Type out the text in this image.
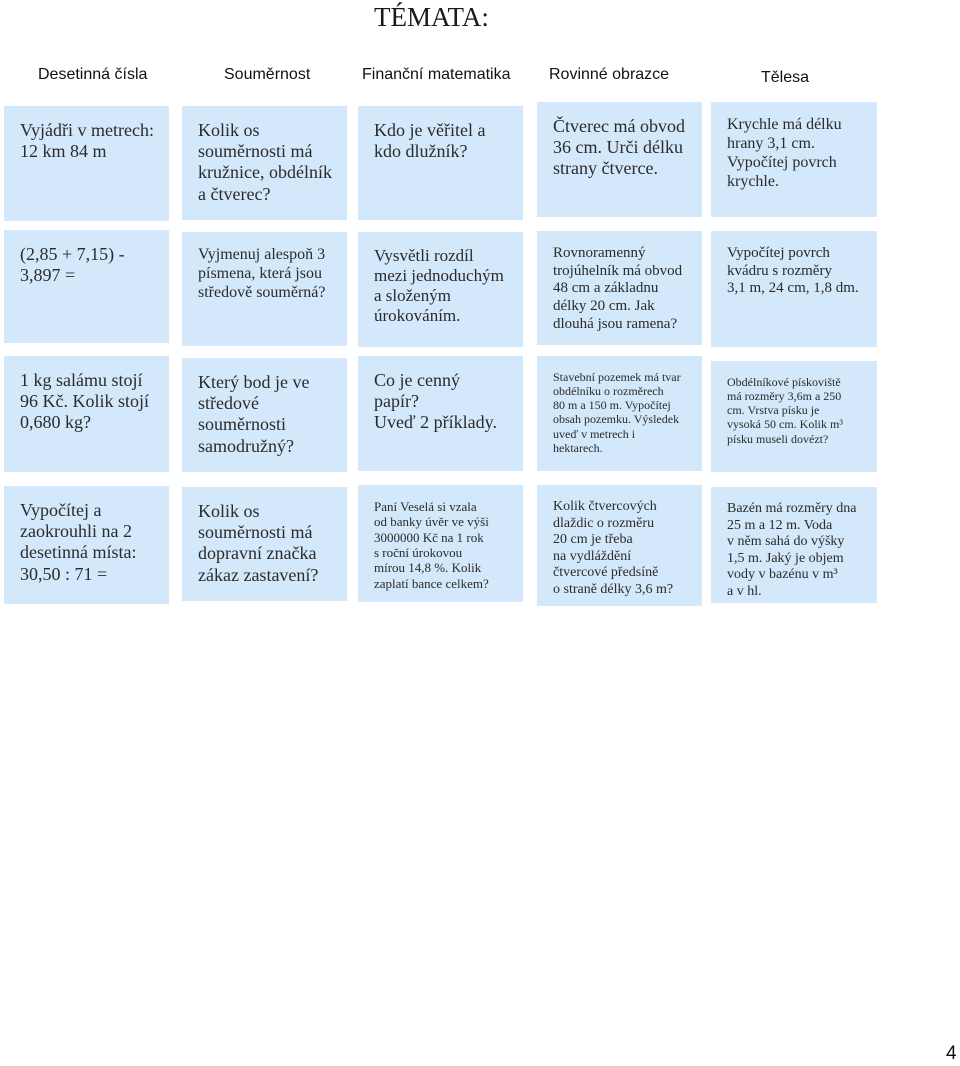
TÉMATA:
Desetinná čísla	Souměrnost	Finanční matematika Rovinné obrazce	Tělesa
Vyjádři v metrech:
12 km 84 m
Kolik os
souměrnosti má
kružnice, obdélník
a čtverec?
Kdo je věřitel a
kdo dlužník?
Čtverec má obvod
36 cm. Urči délku
strany čtverce.
Krychle má délku
hrany 3,1 cm.
Vypočítej povrch
krychle.
(2,85 + 7,15) -
3,897 =
Vyjmenuj alespoň 3
písmena, která jsou
středově souměrná?
Vysvětli rozdíl
mezi jednoduchým
a složeným
úrokováním.
Rovnoramenný
trojúhelník má obvod
48 cm a základnu
délky 20 cm. Jak
dlouhá jsou ramena?
Vypočítej povrch
kvádru s rozměry
3,1 m, 24 cm, 1,8 dm.
1 kg salámu stojí
96 Kč. Kolik stojí
0,680 kg?
Který bod je ve
středové
souměrnosti
samodružný?
Co je cenný papír?
Uveď 2 příklady.
Stavební pozemek má tvar
obdélníku o rozměrech
80 m a 150 m. Vypočítej
obsah pozemku. Výsledek
uveď v metrech i
hektarech.
Obdélníkové pískoviště
má rozměry 3,6m a 250
cm. Vrstva písku je
vysoká 50 cm. Kolik m³
písku museli dovézt?
Vypočítej a
zaokrouhli na 2
desetinná místa:
30,50 : 71 =
Kolik os
souměrnosti má
dopravní značka
zákaz zastavení?
Paní Veselá si vzala
od banky úvěr ve výši
3000000 Kč na 1 rok
s roční úrokovou
mírou 14,8 %. Kolik
zaplatí bance celkem?
Kolik čtvercových
dlaždic o rozměru
20 cm je třeba
na vydláždění
čtvercové předsíně
o straně délky 3,6 m?
Bazén má rozměry dna
25 m a 12 m. Voda
v něm sahá do výšky
1,5 m. Jaký je objem
vody v bazénu v m³
a v hl.
4
